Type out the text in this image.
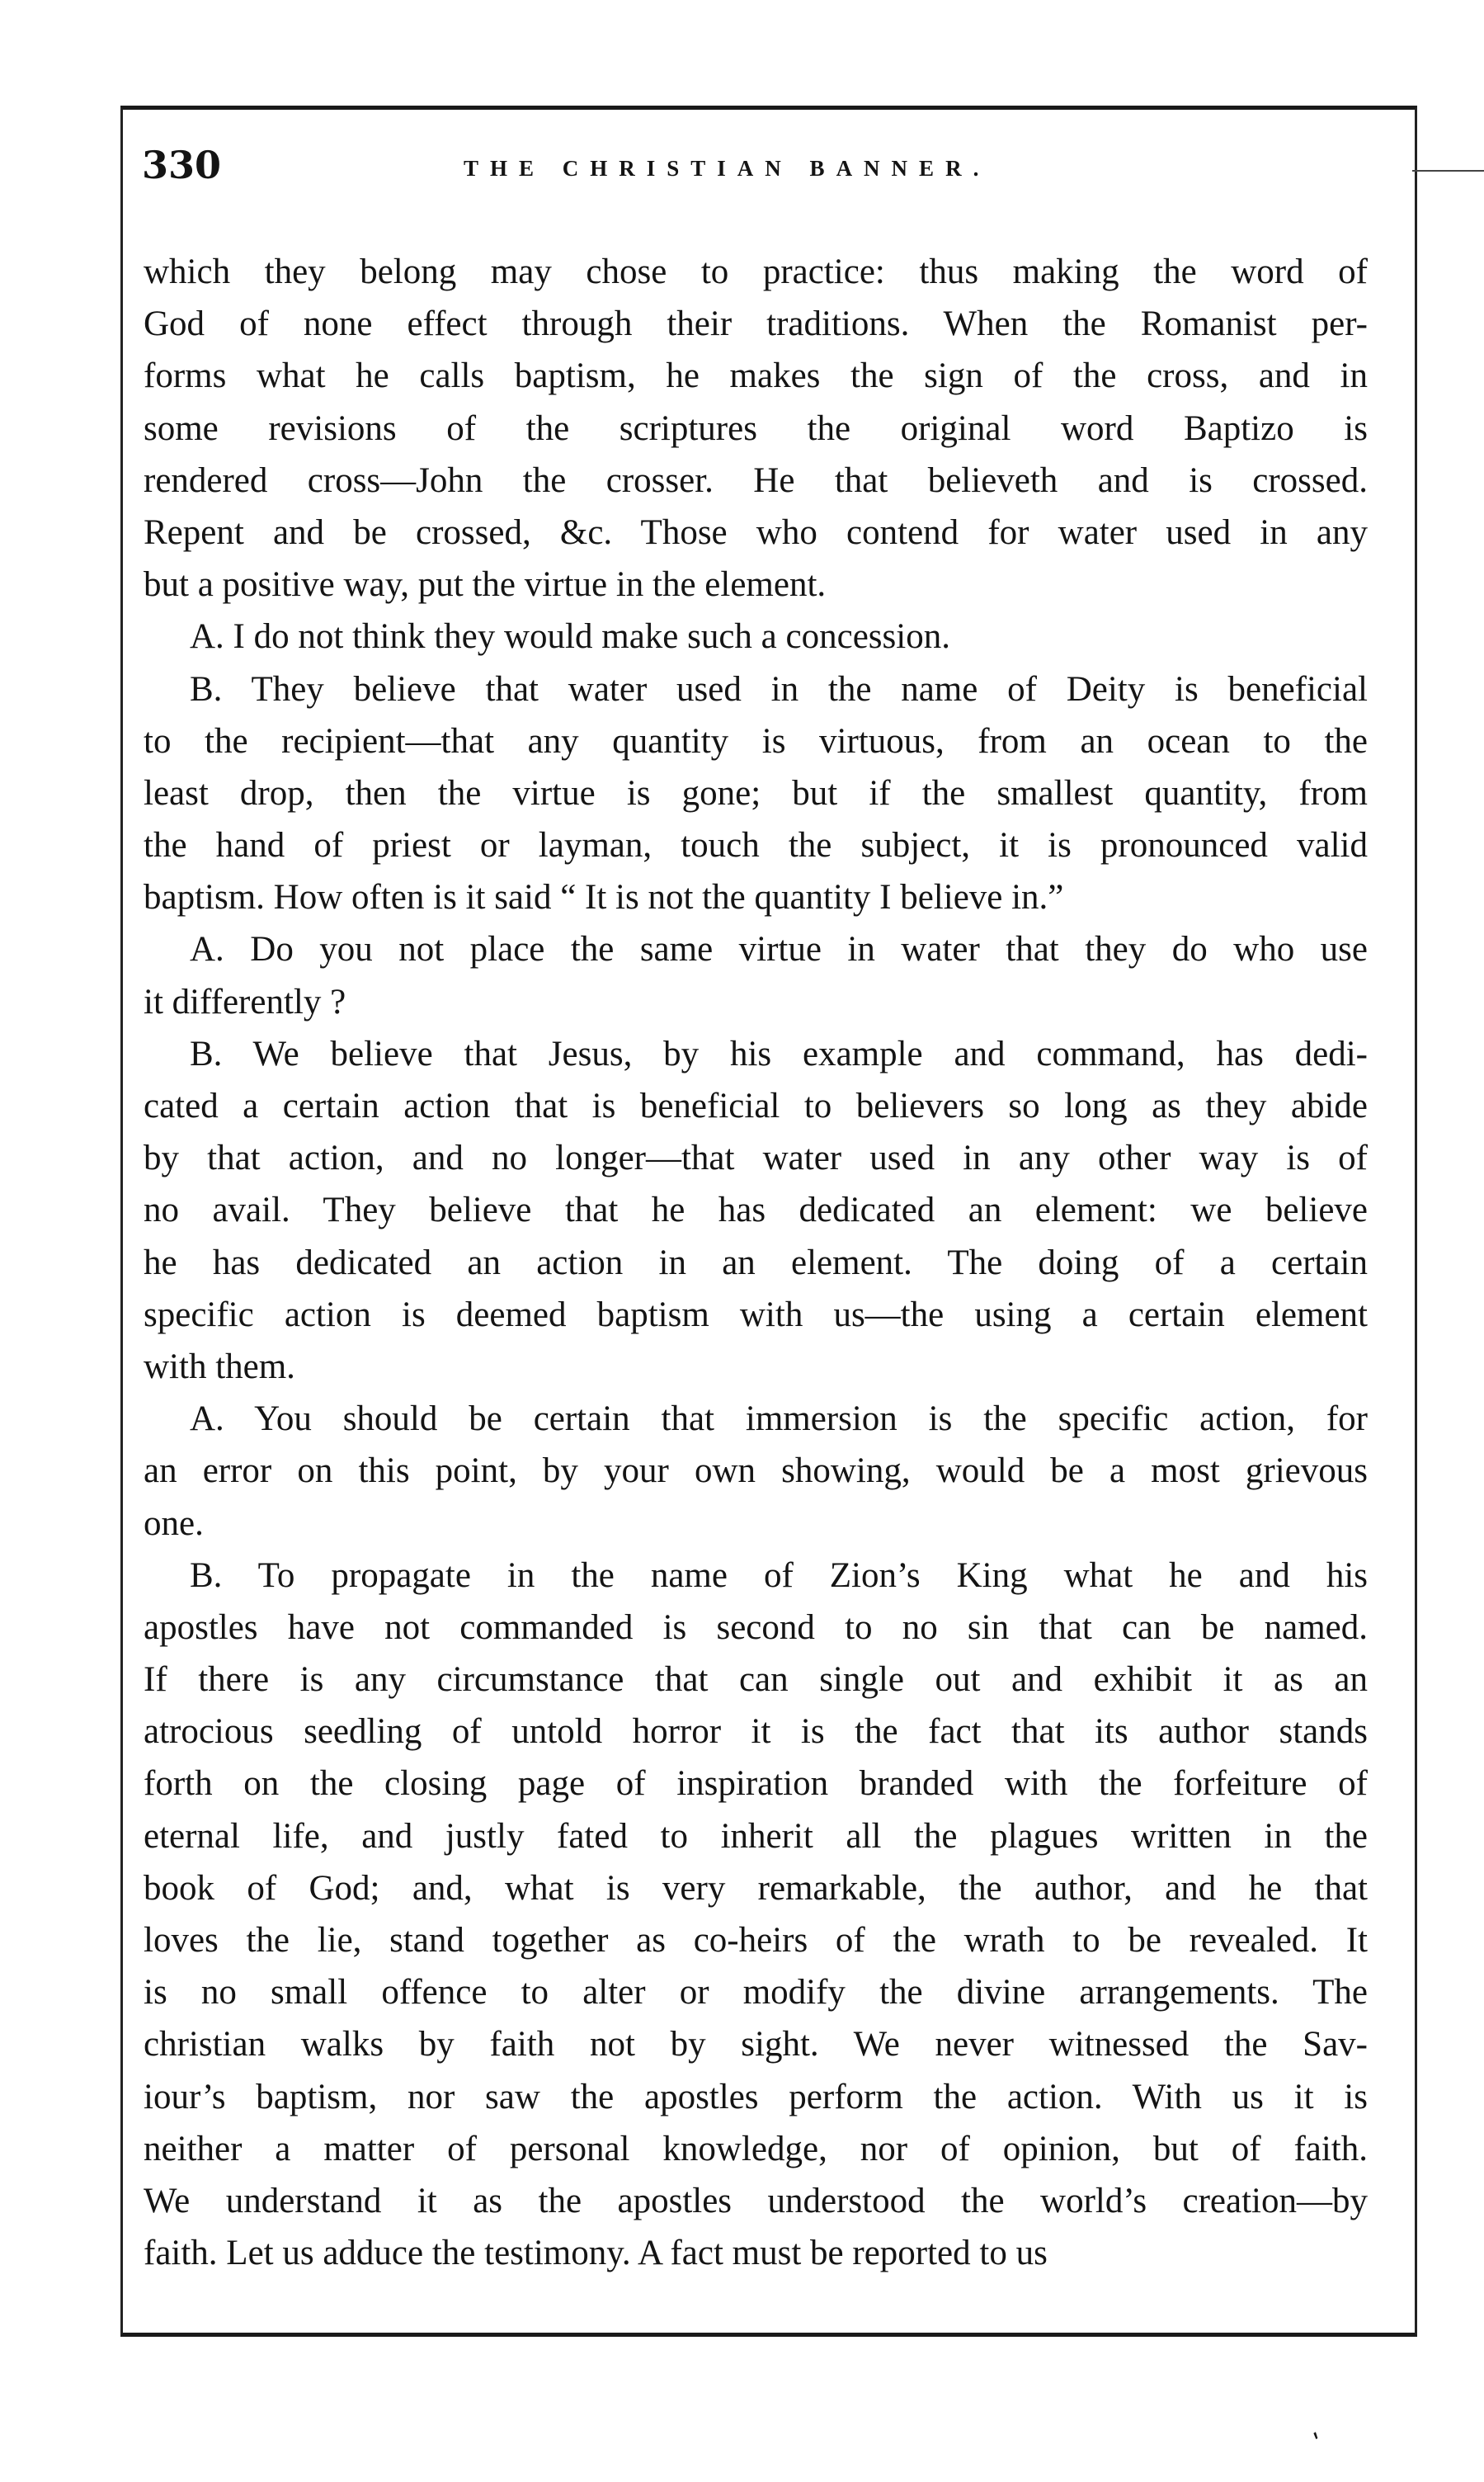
330	THE CHRISTIAN BANNER.
which they belong may chose to practice: thus making the word of
God of none effect through their traditions. When the Romanist per-
forms what he calls baptism, he makes the sign of the cross, and in
some revisions of the scriptures the original word Baptizo is
rendered cross—John the crosser. He that believeth and is crossed.
Repent and be crossed, &c. Those who contend for water used in any
but a positive way, put the virtue in the element.
A. I do not think they would make such a concession.
B. They believe that water used in the name of Deity is beneficial
to the recipient—that any quantity is virtuous, from an ocean to the
least drop, then the virtue is gone; but if the smallest quantity, from
the hand of priest or layman, touch the subject, it is pronounced valid
baptism. How often is it said “ It is not the quantity I believe in.”
A. Do you not place the same virtue in water that they do who use
it differently ?
B. We believe that Jesus, by his example and command, has dedi-
cated a certain action that is beneficial to believers so long as they abide
by that action, and no longer—that water used in any other way is of
no avail. They believe that he has dedicated an element: we believe
he has dedicated an action in an element. The doing of a certain
specific action is deemed baptism with us—the using a certain element
with them.
A. You should be certain that immersion is the specific action, for
an error on this point, by your own showing, would be a most grievous
one.
B. To propagate in the name of Zion’s King what he and his
apostles have not commanded is second to no sin that can be named.
If there is any circumstance that can single out and exhibit it as an
atrocious seedling of untold horror it is the fact that its author stands
forth on the closing page of inspiration branded with the forfeiture of
eternal life, and justly fated to inherit all the plagues written in the
book of God; and, what is very remarkable, the author, and he that
loves the lie, stand together as co-heirs of the wrath to be revealed. It
is no small offence to alter or modify the divine arrangements. The
christian walks by faith not by sight. We never witnessed the Sav-
iour’s baptism, nor saw the apostles perform the action. With us it is
neither a matter of personal knowledge, nor of opinion, but of faith.
We understand it as the apostles understood the world’s creation—by
faith. Let us adduce the testimony. A fact must be reported to us
ʹ
